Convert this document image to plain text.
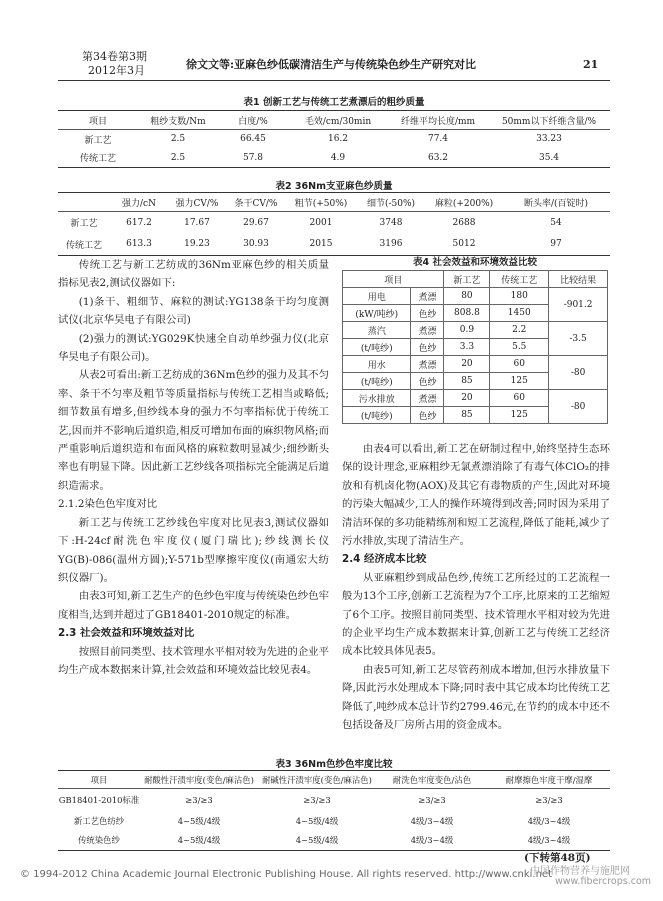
第34卷第3期
2012年3月	徐文文等:亚麻色纱低碳清洁生产与传统染色纱生产研究对比	21
表1 创新工艺与传统工艺煮漂后的粗纱质量
项目	粗纱支数/Nm	白度/%	毛效/cm/30min	纤维平均长度/mm	50mm以下纤维含量/%
新工艺	2.5	66.45	16.2	77.4	33.23
传统工艺	2.5	57.8	4.9	63.2	35.4
表2 36Nm支亚麻色纱质量
	强力/cN	强力CV/%	条干CV/%	粗节(+50%)	细节(-50%)	麻粒(+200%)	断头率/(百锭时)
新工艺	617.2	17.67	29.67	2001	3748	2688	54
传统工艺	613.3	19.23	30.93	2015	3196	5012	97

传统工艺与新工艺纺成的36Nm亚麻色纱的相关质量指标见表2,测试仪器如下:

(1)条干、粗细节、麻粒的测试:YG138条干均匀度测试仪(北京华昊电子有限公司)

(2)强力的测试:YG029K快速全自动单纱强力仪(北京华昊电子有限公司)。

从表2可看出:新工艺纺成的36Nm色纱的强力及其不匀率、条干不匀率及粗节等质量指标与传统工艺相当或略低;细节数虽有增多,但纱线本身的强力不匀率指标优于传统工艺,因而并不影响后道织造,相反可增加布面的麻织物风格;而严重影响后道织造和布面风格的麻粒数明显减少;细纱断头率也有明显下降。因此新工艺纱线各项指标完全能满足后道织造需求。

2.1.2染色色牢度对比

新工艺与传统工艺纱线色牢度对比见表3,测试仪器如下:H-24cf耐洗色牢度仪(厦门瑞比);纱线测长仪YG(B)-086(温州方圆);Y-571b型摩擦牢度仪(南通宏大纺织仪器厂)。

由表3可知,新工艺生产的色纱色牢度与传统染色纱色牢度相当,达到并超过了GB18401-2010规定的标准。

2.3 社会效益和环境效益对比

按照目前同类型、技术管理水平相对较为先进的企业平均生产成本数据来计算,社会效益和环境效益比较见表4。

表4 社会效益和环境效益比较
项目		新工艺	传统工艺	比较结果
用电	煮漂	80	180	-901.2
(kW/吨纱)	色纱	808.8	1450	
蒸汽	煮漂	0.9	2.2	-3.5
(t/吨纱)	色纱	3.3	5.5	
用水	煮漂	20	60	-80
(t/吨纱)	色纱	85	125	
污水排放	煮漂	20	60	-80
(t/吨纱)	色纱	85	125	

由表4可以看出,新工艺在研制过程中,始终坚持生态环保的设计理念,亚麻粗纱无氯煮漂消除了有毒气体ClO₂的排放和有机卤化物(AOX)及其它有毒物质的产生,因此对环境的污染大幅减少,工人的操作环境得到改善;同时因为采用了清洁环保的多功能精练剂和短工艺流程,降低了能耗,减少了污水排放,实现了清洁生产。

2.4 经济成本比较

从亚麻粗纱到成品色纱,传统工艺所经过的工艺流程一般为13个工序,创新工艺流程为7个工序,比原来的工艺缩短了6个工序。按照目前同类型、技术管理水平相对较为先进的企业平均生产成本数据来计算,创新工艺与传统工艺经济成本比较具体见表5。

由表5可知,新工艺尽管药剂成本增加,但污水排放量下降,因此污水处理成本下降;同时表中其它成本均比传统工艺降低了,吨纱成本总计节约2799.46元,在节约的成本中还不包括设备及厂房所占用的资金成本。

表3 36Nm色纱色牢度比较
项目	耐酸性汗渍牢度(变色/麻沾色)	耐碱性汗渍牢度(变色/麻沾色)	耐洗色牢度变色/沾色	耐摩擦色牢度干摩/湿摩
GB18401-2010标准	≥3/≥3	≥3/≥3	≥3/≥3	≥3/≥3
新工艺色纺纱	4~5级/4级	4~5级/4级	4级/3~4级	4级/3~4级
传统染色纱	4~5级/4级	4~5级/4级	4级/3~4级	4级/3~4级
(下转第48页)
© 1994-2012 China Academic Journal Electronic Publishing House. All rights reserved. http://www.cnki.net
中国作物营养与施肥网
www.fibercrops.com
